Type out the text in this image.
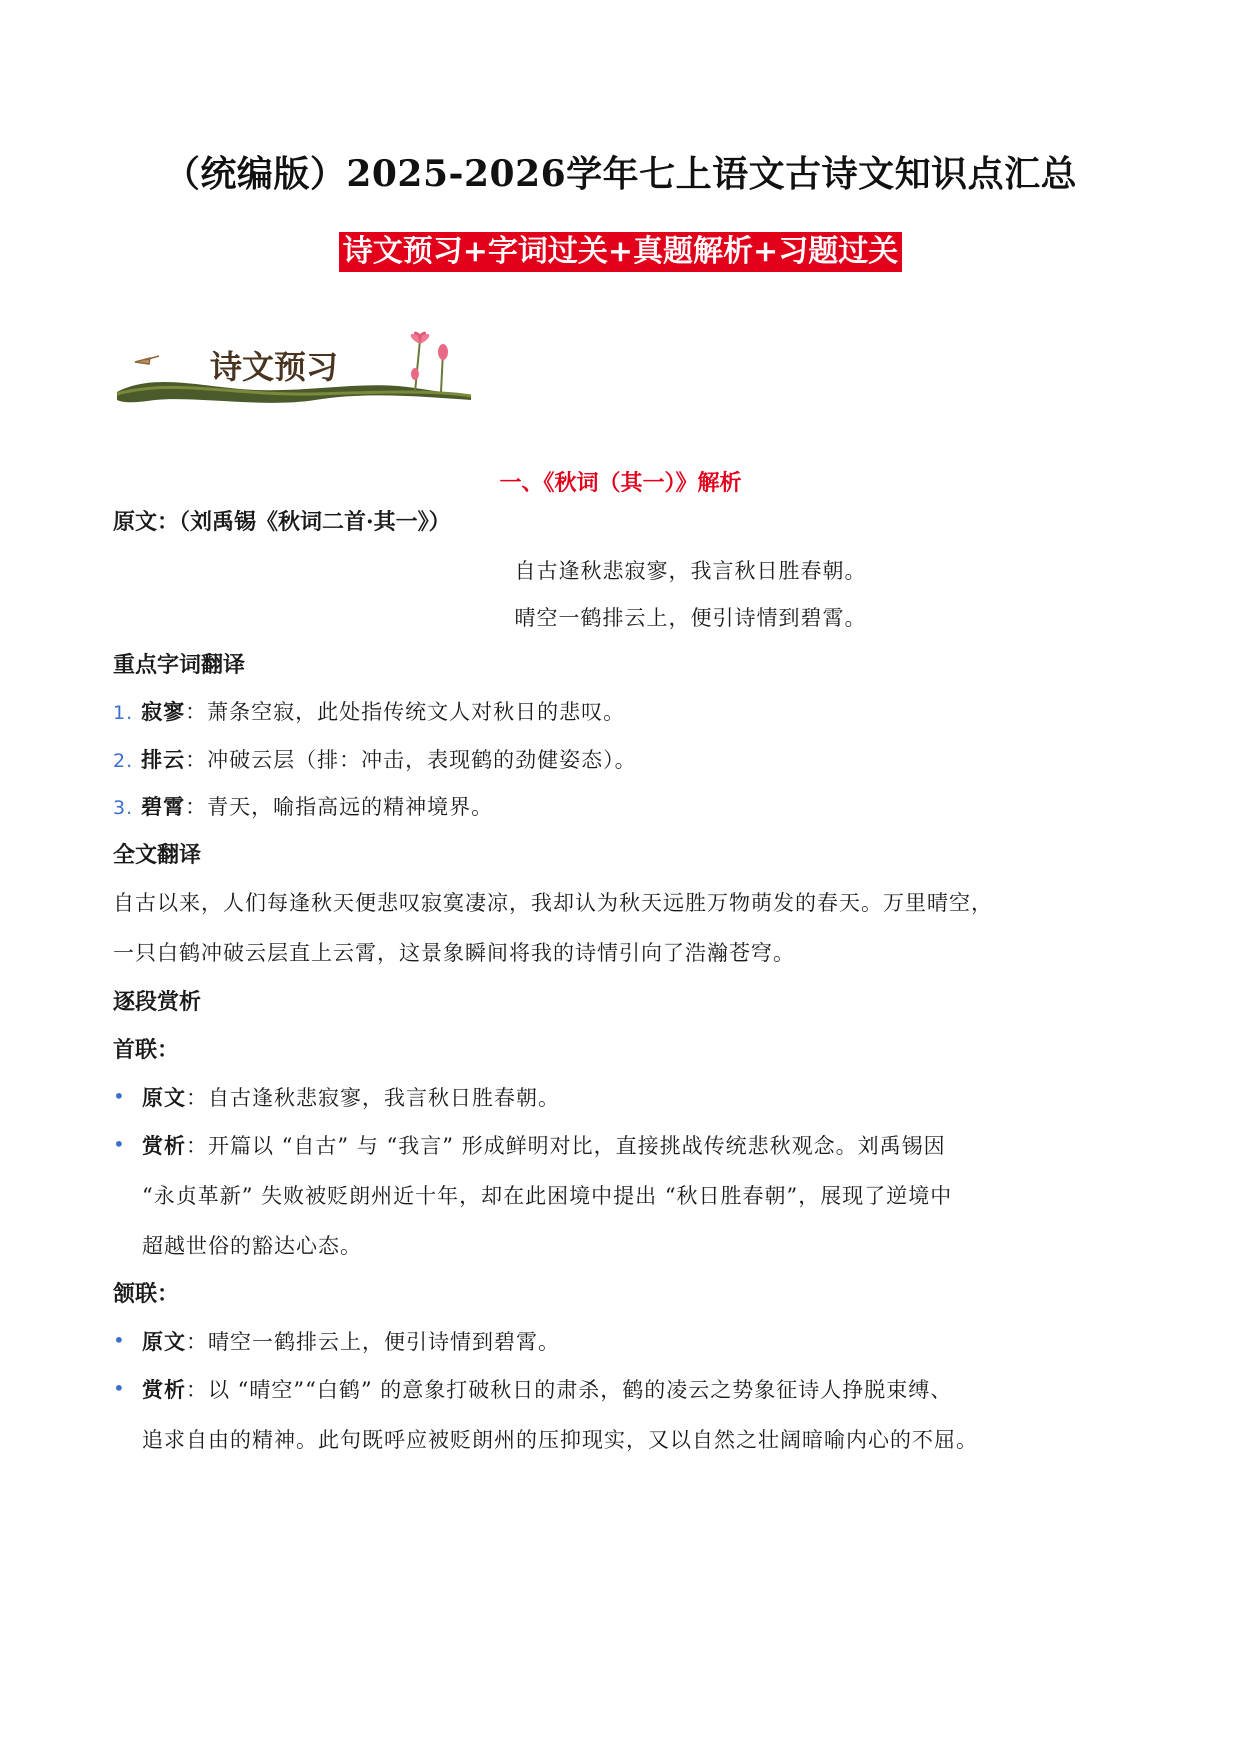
（统编版）2025-2026学年七上语文古诗文知识点汇总
诗文预习+字词过关+真题解析+习题过关
诗文预习
一、《秋词（其一）》解析
原文：（刘禹锡《秋词二首·其一》）
自古逢秋悲寂寥，我言秋日胜春朝。
晴空一鹤排云上，便引诗情到碧霄。
重点字词翻译
1. 寂寥：萧条空寂，此处指传统文人对秋日的悲叹。
2. 排云：冲破云层（排：冲击，表现鹤的劲健姿态）。
3. 碧霄：青天，喻指高远的精神境界。
全文翻译
自古以来，人们每逢秋天便悲叹寂寞凄凉，我却认为秋天远胜万物萌发的春天。万里晴空，
一只白鹤冲破云层直上云霄，这景象瞬间将我的诗情引向了浩瀚苍穹。
逐段赏析
首联：
• 原文：自古逢秋悲寂寥，我言秋日胜春朝。
• 赏析：开篇以 “自古” 与 “我言” 形成鲜明对比，直接挑战传统悲秋观念。刘禹锡因
“永贞革新” 失败被贬朗州近十年，却在此困境中提出 “秋日胜春朝”，展现了逆境中
超越世俗的豁达心态。
颔联：
• 原文：晴空一鹤排云上，便引诗情到碧霄。
• 赏析：以 “晴空”“白鹤” 的意象打破秋日的肃杀，鹤的凌云之势象征诗人挣脱束缚、
追求自由的精神。此句既呼应被贬朗州的压抑现实，又以自然之壮阔暗喻内心的不屈。
